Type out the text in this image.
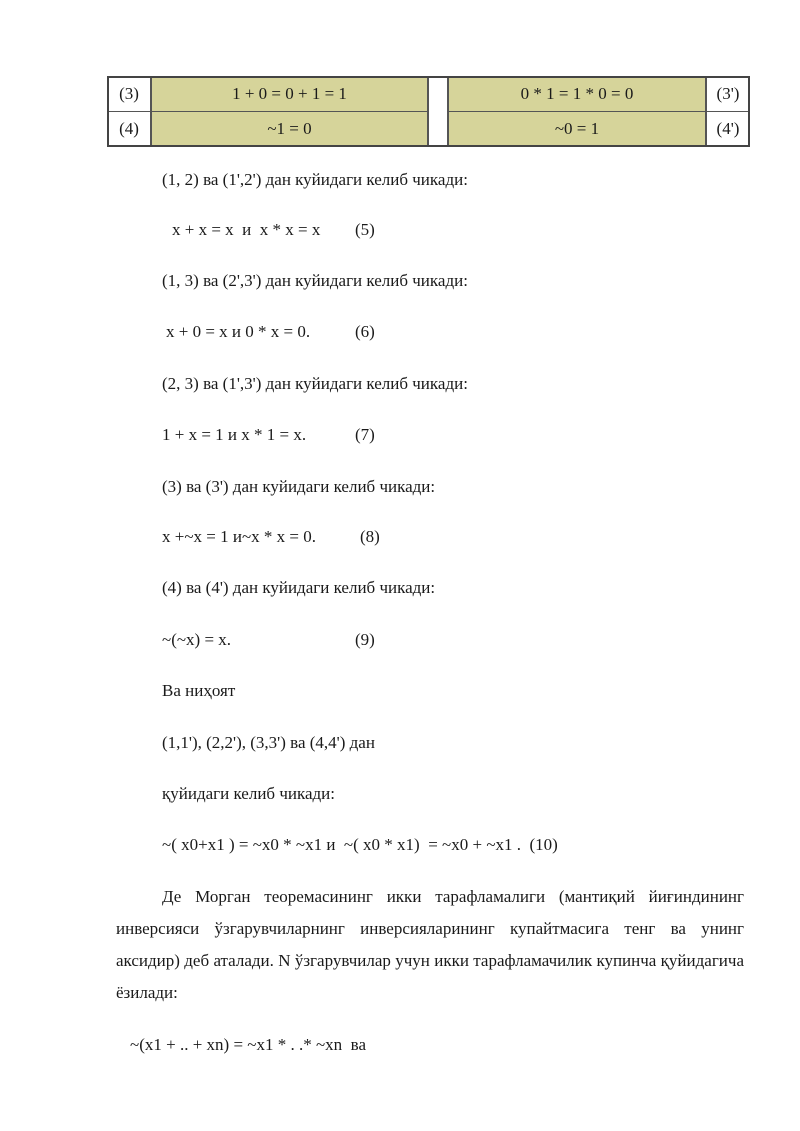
(3)	1 + 0 = 0 + 1 = 1	0 * 1 = 1 * 0 = 0	(3')
(4)	~1 = 0	~0 = 1	(4')
(1, 2) ва (1',2') дан куйидаги келиб чикади:
x + x = x  и  x * x = x (5)
(1, 3) ва (2',3') дан куйидаги келиб чикади:
x + 0 = x и 0 * x = 0.	(6)
(2, 3) ва (1',3') дан куйидаги келиб чикади:
1 + x = 1 и x * 1 = x.	(7)
(3) ва (3') дан куйидаги келиб чикади:
x +~x = 1 и~x * x = 0.	(8)
(4) ва (4') дан куйидаги келиб чикади:
~(~x) = x.	(9)
Ва ниҳоят
(1,1'), (2,2'), (3,3') ва (4,4') дан
қуйидаги келиб чикади:
~( x0+x1 ) = ~x0 * ~x1 и  ~( x0 * x1)  = ~x0 + ~x1 .  (10)
Де Морган теоремасининг икки тарафламалиги (мантиқий йиғиндининг инверсияси ўзгарувчиларнинг инверсияларининг купайтмасига тенг ва унинг аксидир) деб аталади. N ўзгарувчилар учун икки тарафламачилик купинча қуйидагича ёзилади:
~(x1 + .. + xn) = ~x1 * . .* ~xn  ва
